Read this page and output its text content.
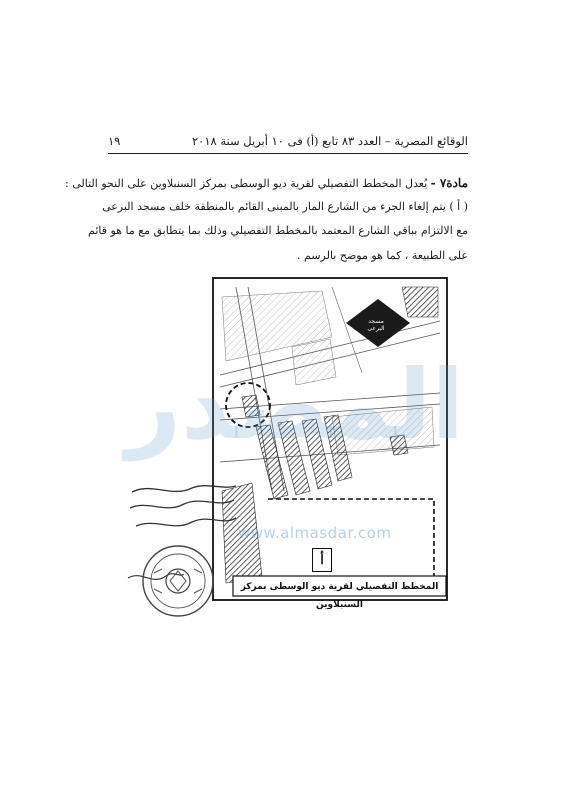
الوقائع المصرية – العدد ٨٣ تابع (أ) فى ١٠ أبريل سنة ٢٠١٨
١٩
مادة٧ - يُعدل المخطط التفصيلي لقرية ديو الوسطى بمركز السنبلاوين على النحو التالى :
( أ ) يتم إلغاء الجزء من الشارع المار بالمبنى القائم بالمنطقة خلف مسجد البرعى
مع الالتزام بباقي الشارع المعتمد بالمخطط التفصيلي وذلك بما يتطابق مع ما هو قائم
على الطبيعة ، كما هو موضح بالرسم .
مسجد البرعى
أ
المخطط التفصيلي لقرية ديو الوسطى بمركز السنبلاوين
المصدر
www.almasdar.com
